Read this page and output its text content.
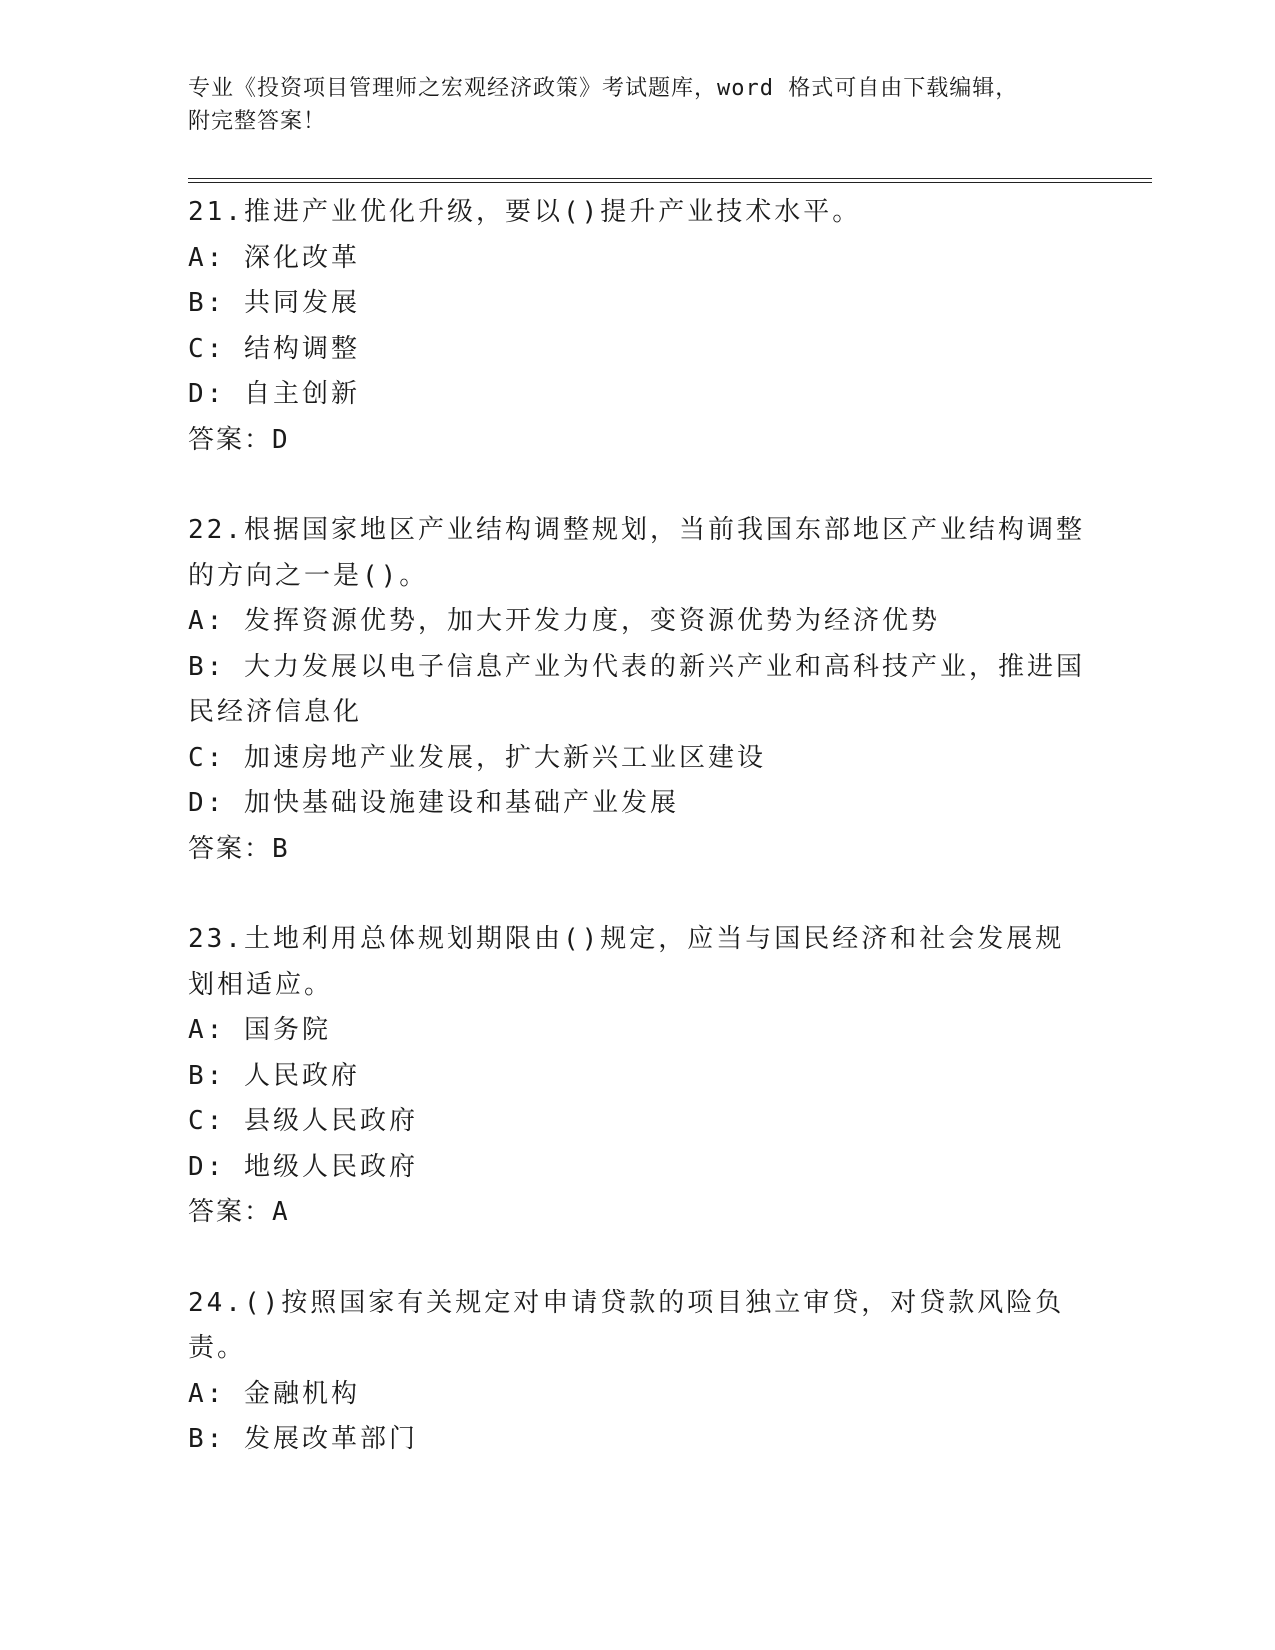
专业《投资项目管理师之宏观经济政策》考试题库，word 格式可自由下载编辑，
附完整答案！
21.推进产业优化升级，要以()提升产业技术水平。
A: 深化改革
B: 共同发展
C: 结构调整
D: 自主创新
答案：D
22.根据国家地区产业结构调整规划，当前我国东部地区产业结构调整的方向之一是()。
A: 发挥资源优势，加大开发力度，变资源优势为经济优势
B: 大力发展以电子信息产业为代表的新兴产业和高科技产业，推进国民经济信息化
C: 加速房地产业发展，扩大新兴工业区建设
D: 加快基础设施建设和基础产业发展
答案：B
23.土地利用总体规划期限由()规定，应当与国民经济和社会发展规划相适应。
A: 国务院
B: 人民政府
C: 县级人民政府
D: 地级人民政府
答案：A
24.()按照国家有关规定对申请贷款的项目独立审贷，对贷款风险负责。
A: 金融机构
B: 发展改革部门
